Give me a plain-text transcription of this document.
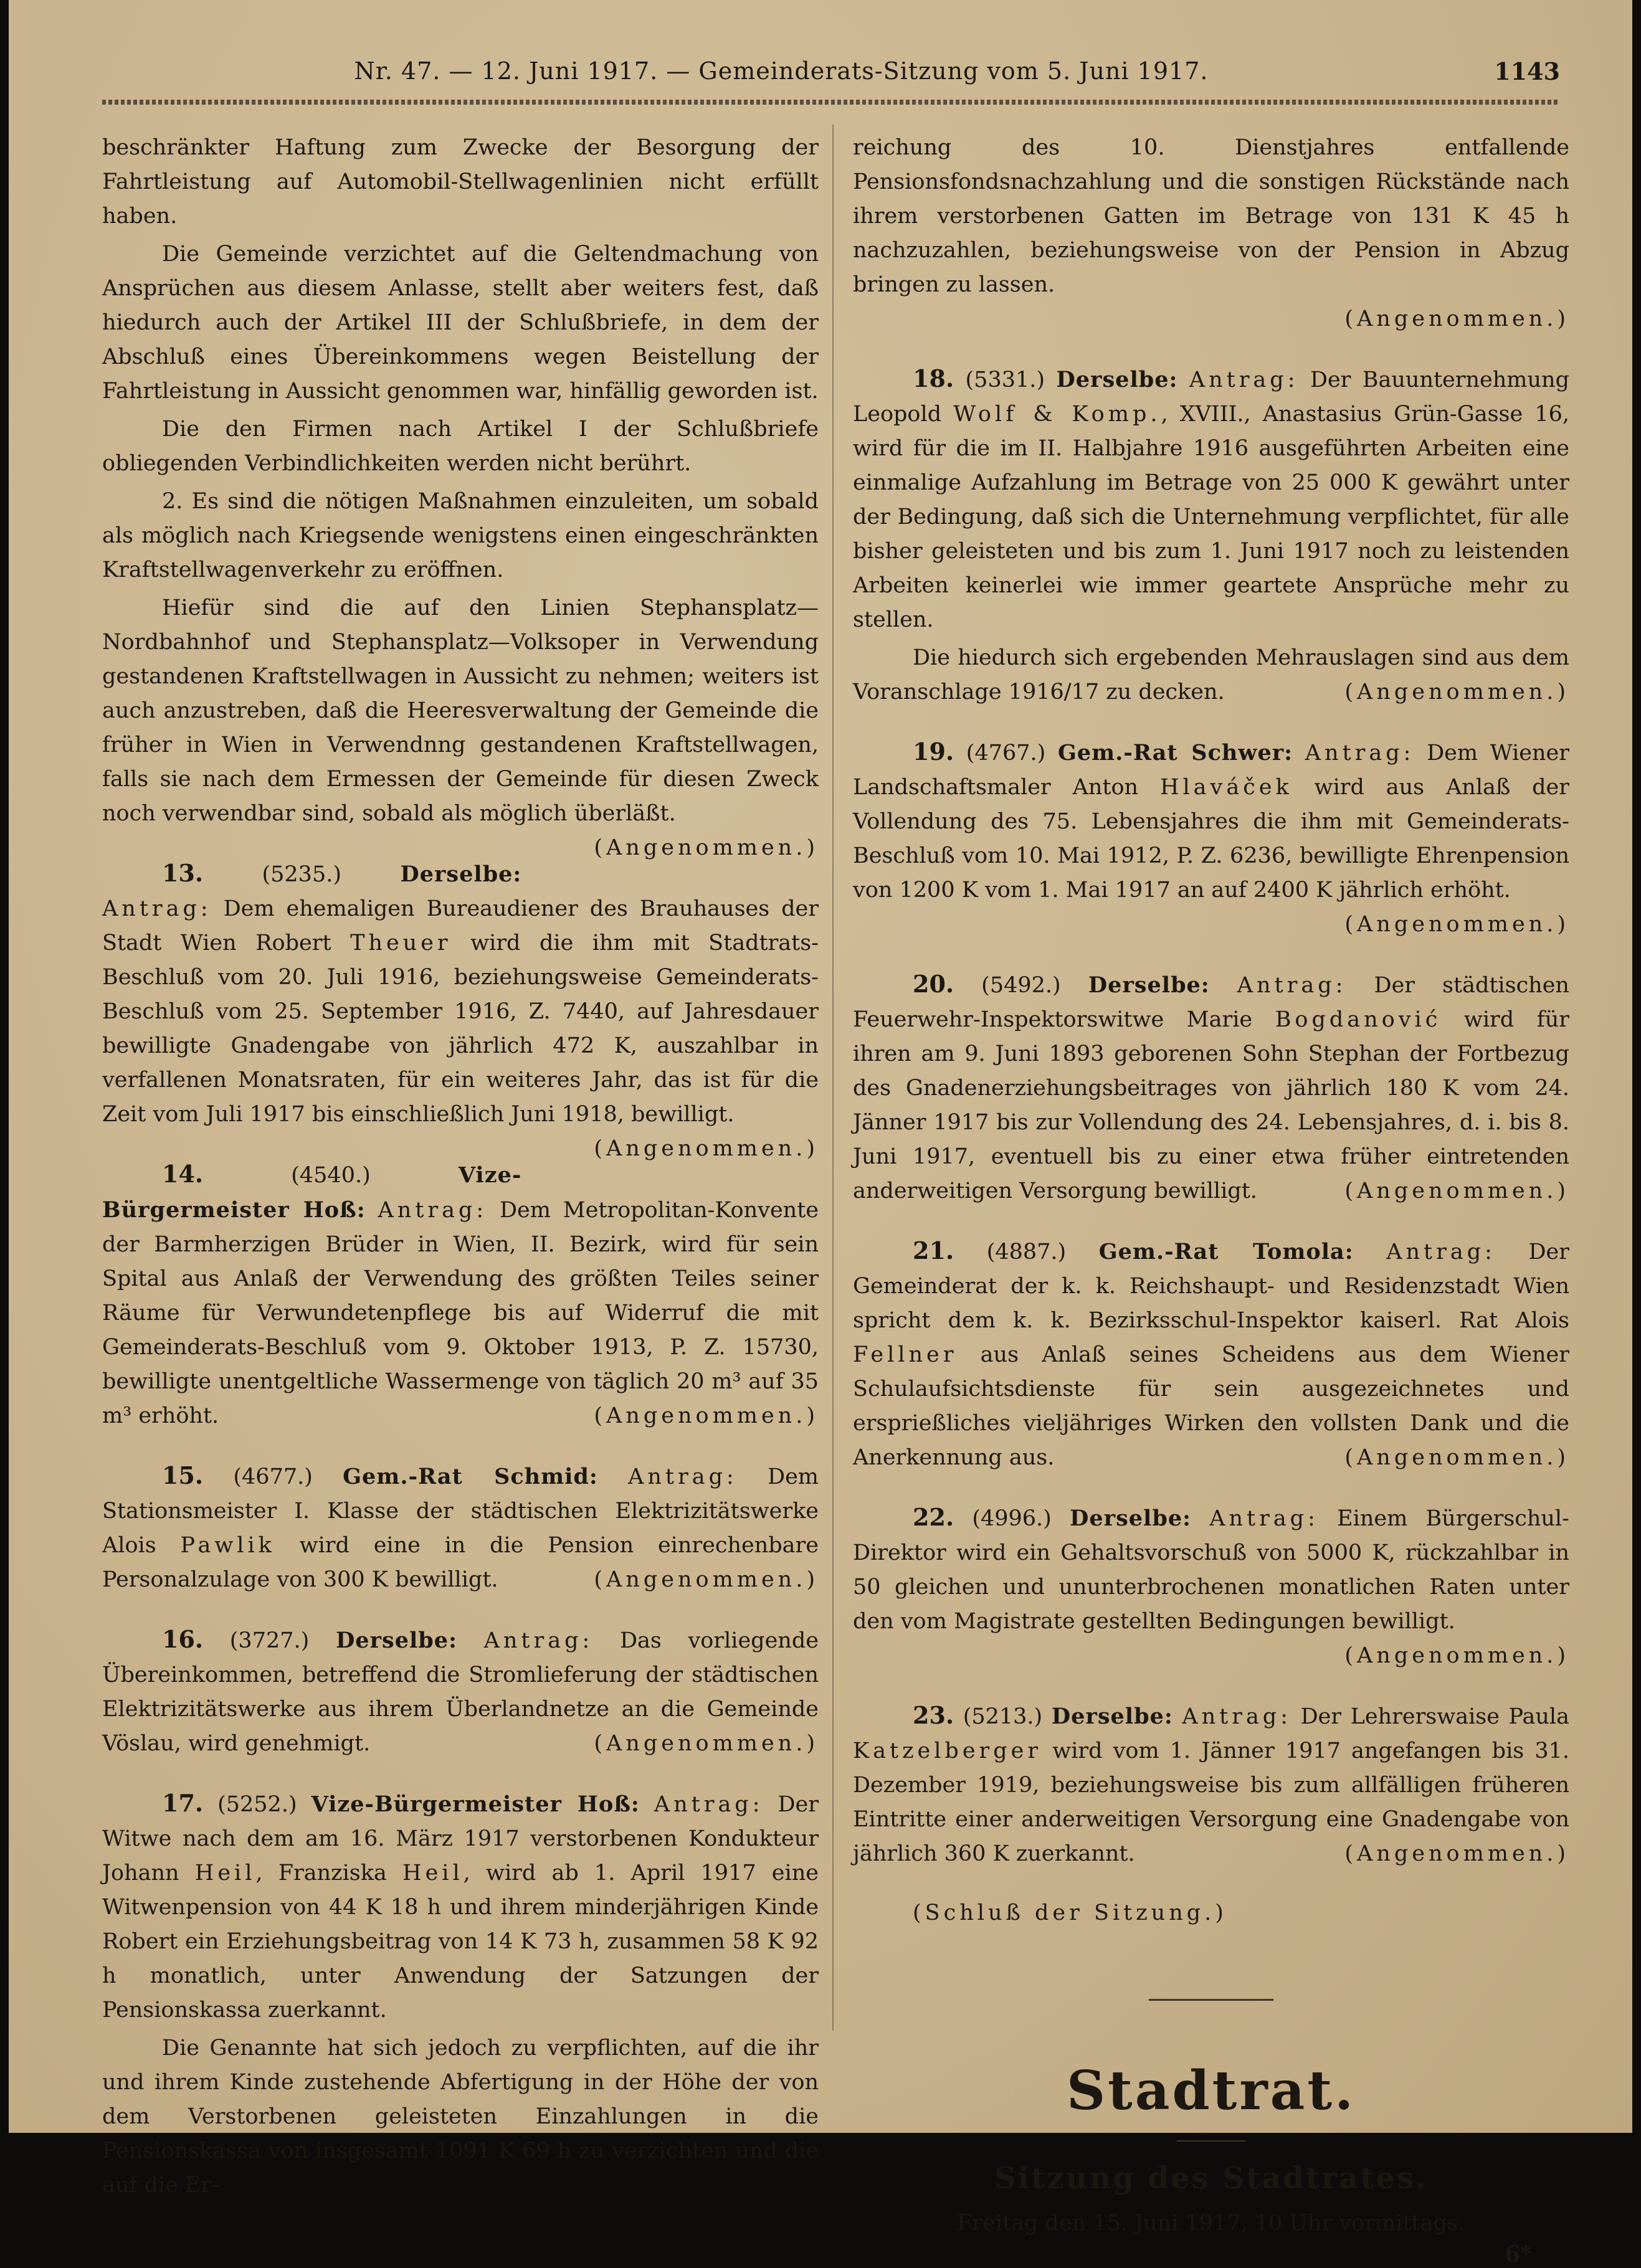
Nr. 47. — 12. Juni 1917. — Gemeinderats-Sitzung vom 5. Juni 1917.	1143

beschränkter Haftung zum Zwecke der Besorgung der Fahrtleistung auf Automobil-Stellwagenlinien nicht erfüllt haben.

Die Gemeinde verzichtet auf die Geltendmachung von Ansprüchen aus diesem Anlasse, stellt aber weiters fest, daß hiedurch auch der Artikel III der Schlußbriefe, in dem der Abschluß eines Übereinkommens wegen Beistellung der Fahrtleistung in Aussicht genommen war, hinfällig geworden ist.

Die den Firmen nach Artikel I der Schlußbriefe obliegenden Verbindlichkeiten werden nicht berührt.

2. Es sind die nötigen Maßnahmen einzuleiten, um sobald als möglich nach Kriegsende wenigstens einen eingeschränkten Kraftstellwagenverkehr zu eröffnen.

Hiefür sind die auf den Linien Stephansplatz—Nordbahnhof und Stephansplatz—Volksoper in Verwendung gestandenen Kraftstellwagen in Aussicht zu nehmen; weiters ist auch anzustreben, daß die Heeresverwaltung der Gemeinde die früher in Wien in Verwendnng gestandenen Kraftstellwagen, falls sie nach dem Ermessen der Gemeinde für diesen Zweck noch verwendbar sind, sobald als möglich überläßt.
(Angenommen.)

13.	(5235.)	Derselbe: Antrag: Dem ehemaligen Bureaudiener des Brauhauses der Stadt Wien Robert Theuer wird die ihm mit Stadtrats-Beschluß vom 20. Juli 1916, beziehungsweise Gemeinderats-Beschluß vom 25. September 1916, Z. 7440, auf Jahresdauer bewilligte Gnadengabe von jährlich 472 K, auszahlbar in verfallenen Monatsraten, für ein weiteres Jahr, das ist für die Zeit vom Juli 1917 bis einschließlich Juni 1918, bewilligt.
(Angenommen.)

14.	(4540.)	Vize-Bürgermeister Hoß: Antrag: Dem Metropolitan-Konvente der Barmherzigen Brüder in Wien, II. Bezirk, wird für sein Spital aus Anlaß der Verwendung des größten Teiles seiner Räume für Verwundetenpflege bis auf Widerruf die mit Gemeinderats-Beschluß vom 9. Oktober 1913, P. Z. 15730, bewilligte unentgeltliche Wassermenge von täglich 20 m³ auf 35 m³ erhöht.	(Angenommen.)

15. (4677.) Gem.-Rat Schmid: Antrag: Dem Stationsmeister I. Klasse der städtischen Elektrizitätswerke Alois Pawlik wird eine in die Pension einrechenbare Personalzulage von 300 K bewilligt.	(Angenommen.)

16. (3727.) Derselbe: Antrag: Das vorliegende Übereinkommen, betreffend die Stromlieferung der städtischen Elektrizitätswerke aus ihrem Überlandnetze an die Gemeinde Vöslau, wird genehmigt.	(Angenommen.)

17. (5252.) Vize-Bürgermeister Hoß: Antrag: Der Witwe nach dem am 16. März 1917 verstorbenen Kondukteur Johann Heil, Franziska Heil, wird ab 1. April 1917 eine Witwenpension von 44 K 18 h und ihrem minderjährigen Kinde Robert ein Erziehungsbeitrag von 14 K 73 h, zusammen 58 K 92 h monatlich, unter Anwendung der Satzungen der Pensionskassa zuerkannt.

Die Genannte hat sich jedoch zu verpflichten, auf die ihr und ihrem Kinde zustehende Abfertigung in der Höhe der von dem Verstorbenen geleisteten Einzahlungen in die Pensionskassa von insgesamt 1091 K 69 h zu verzichten und die auf die Er-

reichung des 10. Dienstjahres entfallende Pensionsfondsnachzahlung und die sonstigen Rückstände nach ihrem verstorbenen Gatten im Betrage von 131 K 45 h nachzuzahlen, beziehungsweise von der Pension in Abzug bringen zu lassen.

(Angenommen.)

18. (5331.) Derselbe: Antrag: Der Bauunternehmung Leopold Wolf & Komp., XVIII., Anastasius Grün-Gasse 16, wird für die im II. Halbjahre 1916 ausgeführten Arbeiten eine einmalige Aufzahlung im Betrage von 25 000 K gewährt unter der Bedingung, daß sich die Unternehmung verpflichtet, für alle bisher geleisteten und bis zum 1. Juni 1917 noch zu leistenden Arbeiten keinerlei wie immer geartete Ansprüche mehr zu stellen.

Die hiedurch sich ergebenden Mehrauslagen sind aus dem Voranschlage 1916/17 zu decken.	(Angenommen.)

19. (4767.) Gem.-Rat Schwer: Antrag: Dem Wiener Landschaftsmaler Anton Hlaváček wird aus Anlaß der Vollendung des 75. Lebensjahres die ihm mit Gemeinderats-Beschluß vom 10. Mai 1912, P. Z. 6236, bewilligte Ehrenpension von 1200 K vom 1. Mai 1917 an auf 2400 K jährlich erhöht.

(Angenommen.)

20. (5492.) Derselbe: Antrag: Der städtischen Feuerwehr-Inspektorswitwe Marie Bogdanović wird für ihren am 9. Juni 1893 geborenen Sohn Stephan der Fortbezug des Gnadenerziehungsbeitrages von jährlich 180 K vom 24. Jänner 1917 bis zur Vollendung des 24. Lebensjahres, d. i. bis 8. Juni 1917, eventuell bis zu einer etwa früher eintretenden anderweitigen Versorgung bewilligt.	(Angenommen.)

21. (4887.) Gem.-Rat Tomola: Antrag: Der Gemeinderat der k. k. Reichshaupt- und Residenzstadt Wien spricht dem k. k. Bezirksschul-Inspektor kaiserl. Rat Alois Fellner aus Anlaß seines Scheidens aus dem Wiener Schulaufsichtsdienste für sein ausgezeichnetes und ersprießliches vieljähriges Wirken den vollsten Dank und die Anerkennung aus.	(Angenommen.)

22. (4996.) Derselbe: Antrag: Einem Bürgerschul-Direktor wird ein Gehaltsvorschuß von 5000 K, rückzahlbar in 50 gleichen und ununterbrochenen monatlichen Raten unter den vom Magistrate gestellten Bedingungen bewilligt.

(Angenommen.)

23. (5213.) Derselbe: Antrag: Der Lehrerswaise Paula Katzelberger wird vom 1. Jänner 1917 angefangen bis 31. Dezember 1919, beziehungsweise bis zum allfälligen früheren Eintritte einer anderweitigen Versorgung eine Gnadengabe von jährlich 360 K zuerkannt.	(Angenommen.)

(Schluß der Sitzung.)

Stadtrat.
Sitzung des Stadtrates.
Freitag den 15. Juni 1917, 10 Uhr vormittags.
6*
